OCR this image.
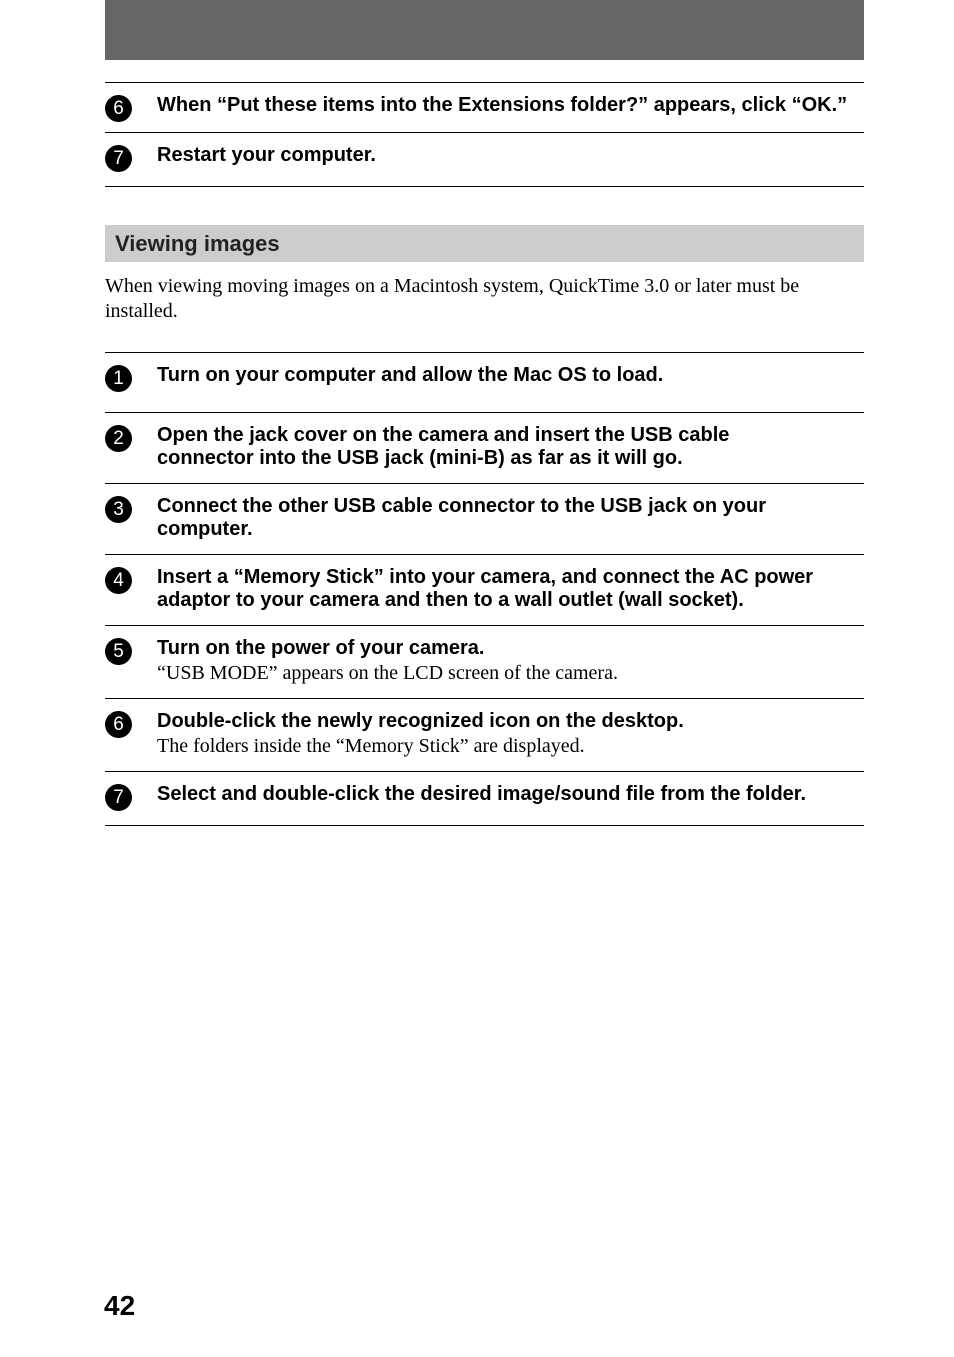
6	When “Put these items into the Extensions folder?” appears, click “OK.”
7	Restart your computer.
Viewing images
When viewing moving images on a Macintosh system, QuickTime 3.0 or later must be installed.
1	Turn on your computer and allow the Mac OS to load.
2	Open the jack cover on the camera and insert the USB cable connector into the USB jack (mini-B) as far as it will go.
3	Connect the other USB cable connector to the USB jack on your computer.
4	Insert a “Memory Stick” into your camera, and connect the AC power adaptor to your camera and then to a wall outlet (wall socket).
5	Turn on the power of your camera.
“USB MODE” appears on the LCD screen of the camera.
6	Double-click the newly recognized icon on the desktop.
The folders inside the “Memory Stick” are displayed.
7	Select and double-click the desired image/sound file from the folder.
42
